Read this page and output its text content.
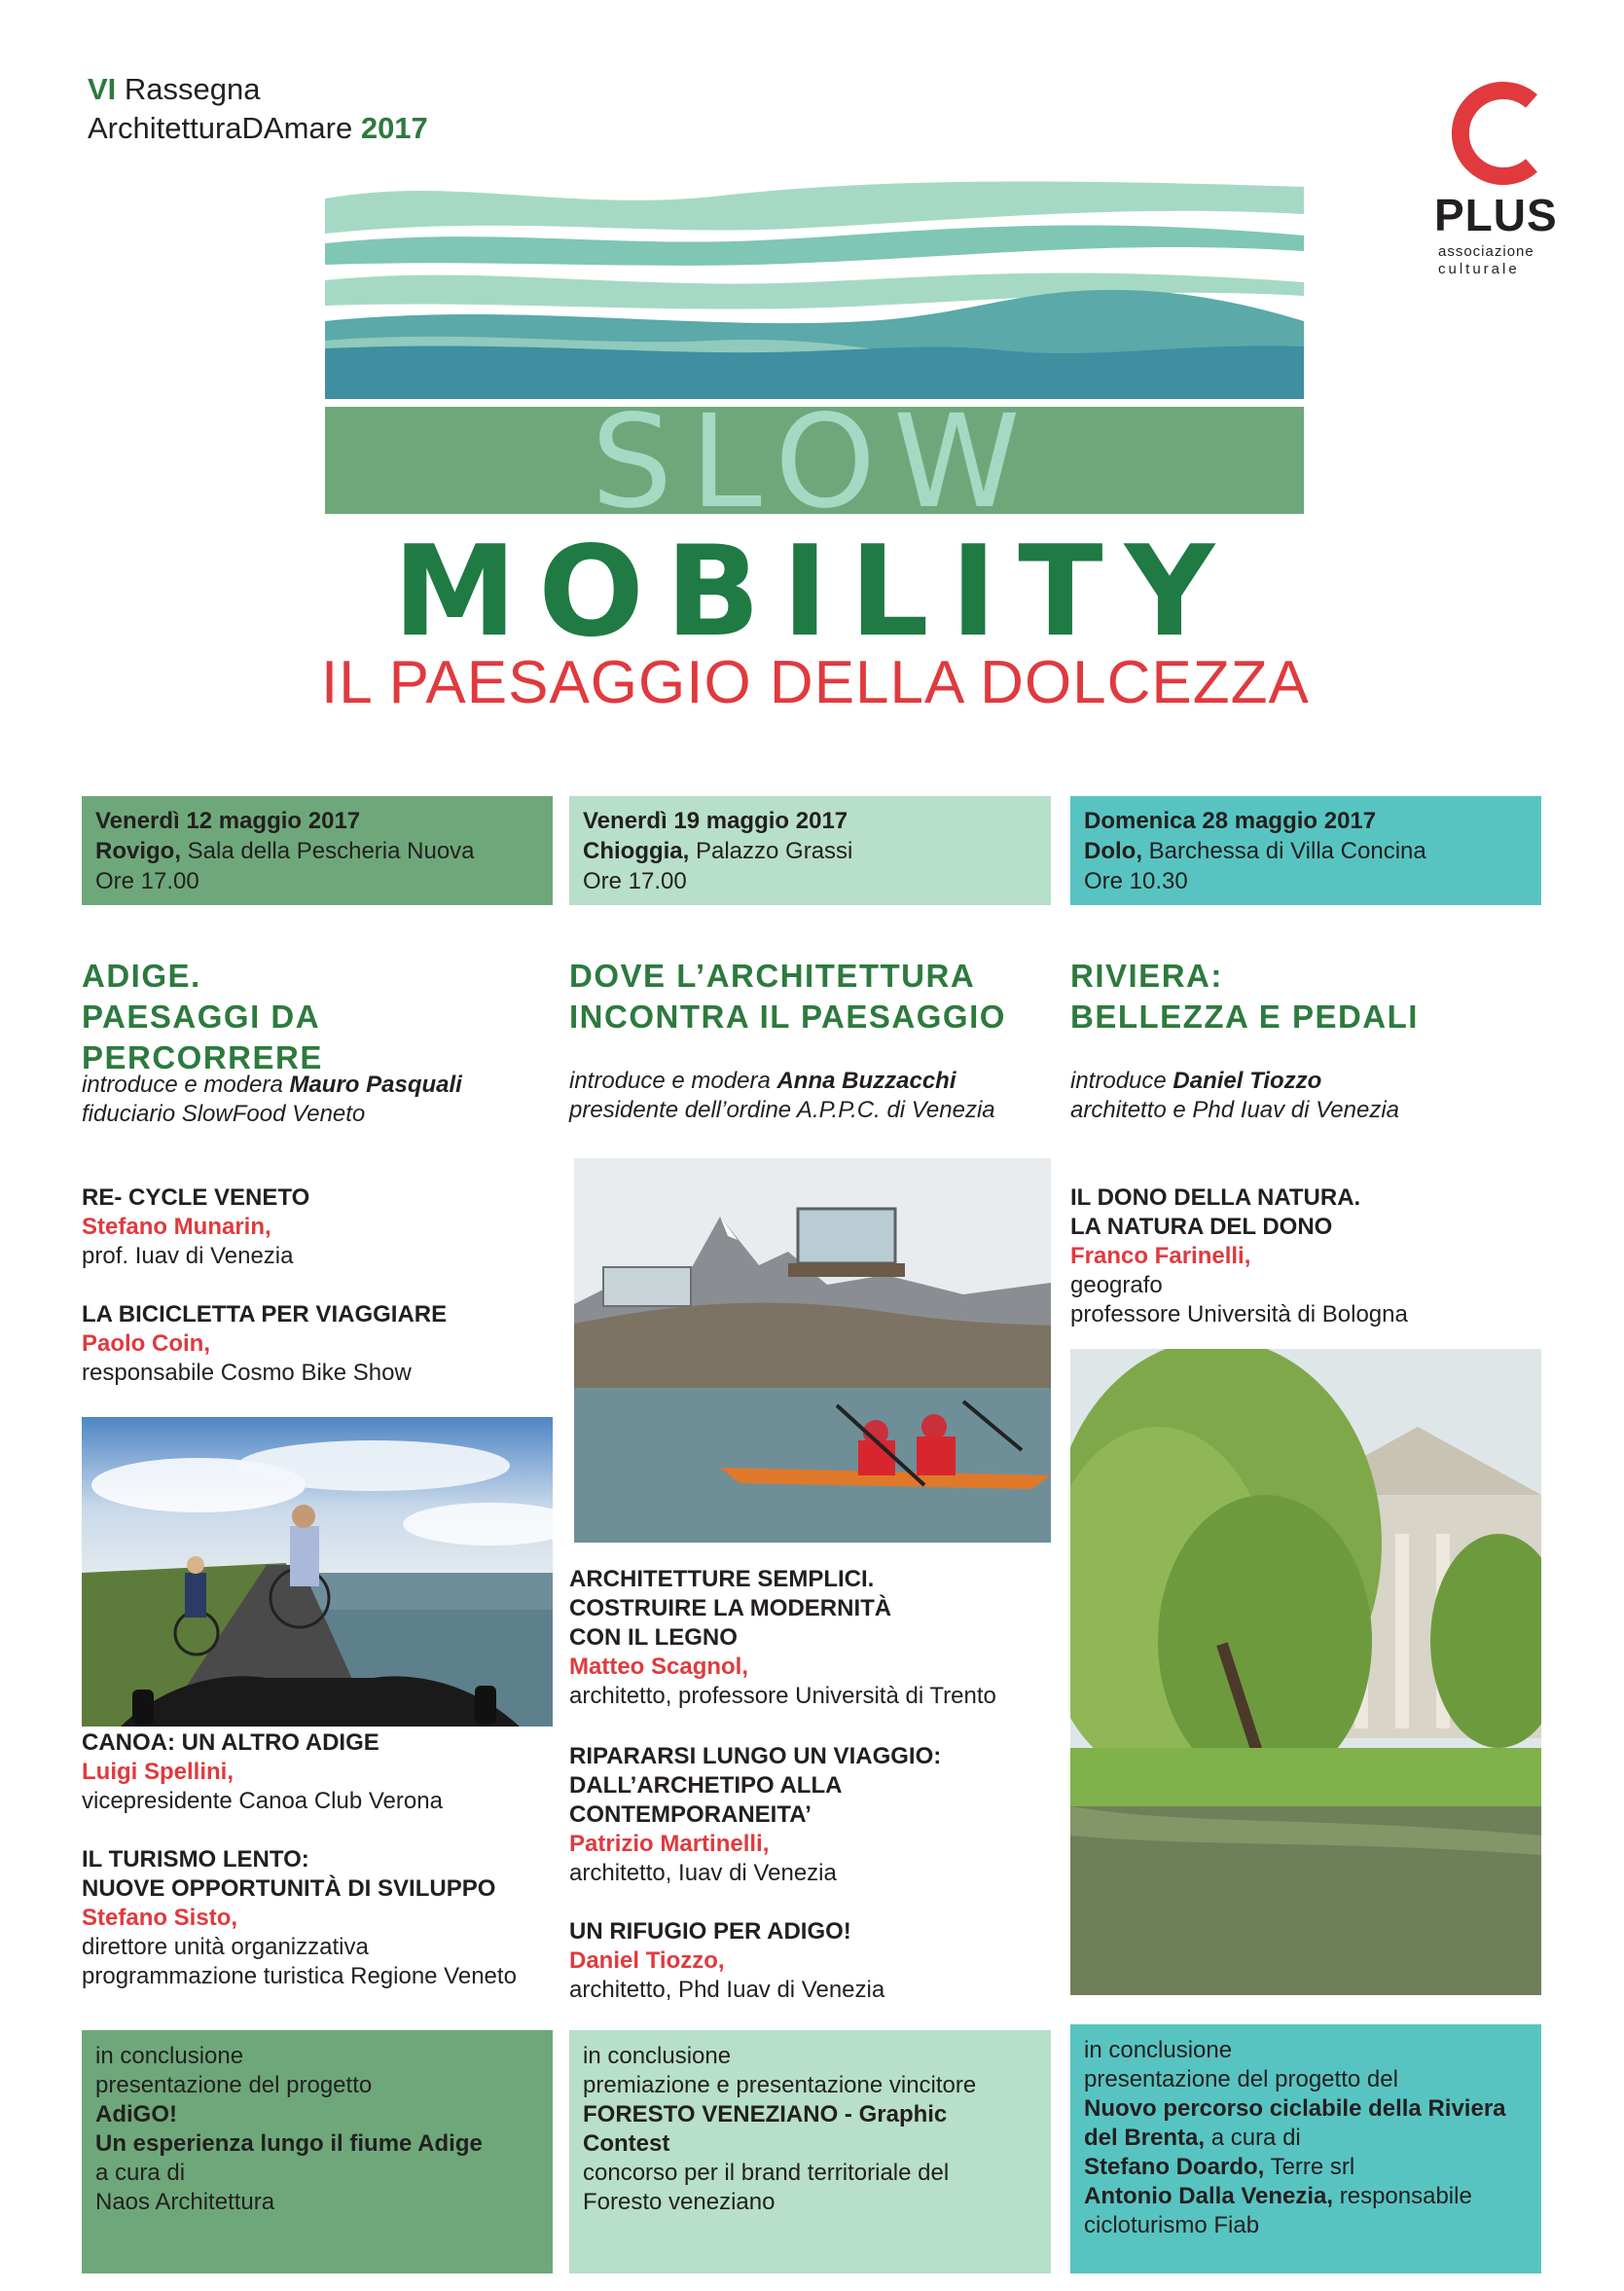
VI Rassegna
ArchitetturaDAmare 2017
PLUS
associazione
culturale
SLOW
MOBILITY
IL PAESAGGIO DELLA DOLCEZZA
Venerdì 12 maggio 2017
Rovigo, Sala della Pescheria Nuova
Ore 17.00
Venerdì 19 maggio 2017
Chioggia, Palazzo Grassi
Ore 17.00
Domenica 28 maggio 2017
Dolo, Barchessa di Villa Concina
Ore 10.30
ADIGE.
PAESAGGI DA PERCORRERE
DOVE L’ARCHITETTURA
INCONTRA IL PAESAGGIO
RIVIERA:
BELLEZZA E PEDALI
introduce e modera Mauro Pasquali
fiduciario SlowFood Veneto
introduce e modera Anna Buzzacchi
presidente dell’ordine A.P.P.C. di Venezia
introduce Daniel Tiozzo
architetto e Phd Iuav di Venezia
RE- CYCLE VENETO
Stefano Munarin,
prof. Iuav di Venezia
LA BICICLETTA PER VIAGGIARE
Paolo Coin,
responsabile Cosmo Bike Show
CANOA: UN ALTRO ADIGE
Luigi Spellini,
vicepresidente Canoa Club Verona
IL TURISMO LENTO:
NUOVE OPPORTUNITÀ DI SVILUPPO
Stefano Sisto,
direttore unità organizzativa
programmazione turistica Regione Veneto
ARCHITETTURE SEMPLICI.
COSTRUIRE LA MODERNITÀ
CON IL LEGNO
Matteo Scagnol,
architetto, professore Università di Trento
RIPARARSI LUNGO UN VIAGGIO:
DALL’ARCHETIPO ALLA
CONTEMPORANEITA’
Patrizio Martinelli,
architetto, Iuav di Venezia
UN RIFUGIO PER ADIGO!
Daniel Tiozzo,
architetto, Phd Iuav di Venezia
IL DONO DELLA NATURA.
LA NATURA DEL DONO
Franco Farinelli,
geografo
professore Università di Bologna
in conclusione
presentazione del progetto
AdiGO!
Un esperienza lungo il fiume Adige
a cura di
Naos Architettura
in conclusione
premiazione e presentazione vincitore
FORESTO VENEZIANO - Graphic
Contest
concorso per il brand territoriale del
Foresto veneziano
in conclusione
presentazione del progetto del
Nuovo percorso ciclabile della Riviera
del Brenta, a cura di
Stefano Doardo, Terre srl
Antonio Dalla Venezia, responsabile
cicloturismo Fiab
